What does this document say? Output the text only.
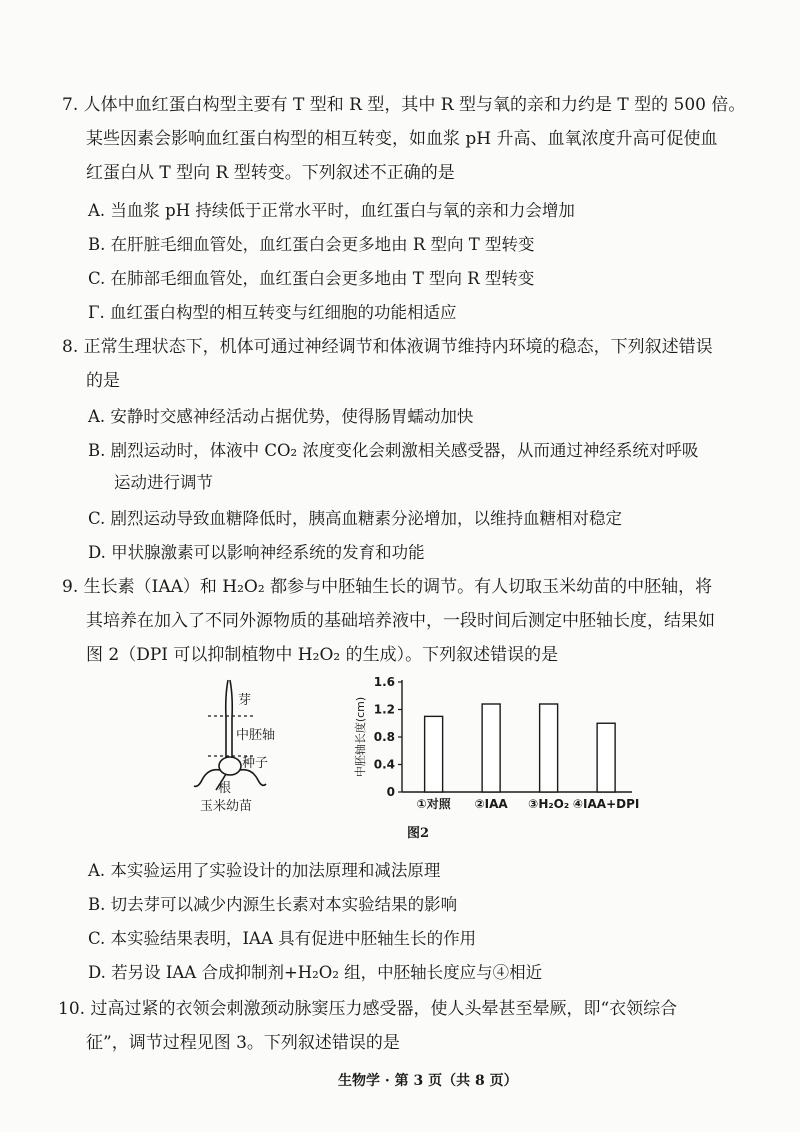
7. 人体中血红蛋白构型主要有 T 型和 R 型，其中 R 型与氧的亲和力约是 T 型的 500 倍。

某些因素会影响血红蛋白构型的相互转变，如血浆 pH 升高、血氧浓度升高可促使血

红蛋白从 T 型向 R 型转变。下列叙述不正确的是

A. 当血浆 pH 持续低于正常水平时，血红蛋白与氧的亲和力会增加

B. 在肝脏毛细血管处，血红蛋白会更多地由 R 型向 T 型转变

C. 在肺部毛细血管处，血红蛋白会更多地由 T 型向 R 型转变

Γ. 血红蛋白构型的相互转变与红细胞的功能相适应

8. 正常生理状态下，机体可通过神经调节和体液调节维持内环境的稳态，下列叙述错误

的是

A. 安静时交感神经活动占据优势，使得肠胃蠕动加快

B. 剧烈运动时，体液中 CO₂ 浓度变化会刺激相关感受器，从而通过神经系统对呼吸

运动进行调节

C. 剧烈运动导致血糖降低时，胰高血糖素分泌增加，以维持血糖相对稳定

D. 甲状腺激素可以影响神经系统的发育和功能

9. 生长素（IAA）和 H₂O₂ 都参与中胚轴生长的调节。有人切取玉米幼苗的中胚轴，将

其培养在加入了不同外源物质的基础培养液中，一段时间后测定中胚轴长度，结果如

图 2（DPI 可以抑制植物中 H₂O₂ 的生成）。下列叙述错误的是

芽
中胚轴
种子
根
玉米幼苗
中胚轴长度(cm)
0
0.4
0.8
1.2
1.6
①对照 ②IAA ③H₂O₂ ④IAA+DPI

图2

A. 本实验运用了实验设计的加法原理和减法原理

B. 切去芽可以减少内源生长素对本实验结果的影响

C. 本实验结果表明，IAA 具有促进中胚轴生长的作用

D. 若另设 IAA 合成抑制剂+H₂O₂ 组，中胚轴长度应与④相近

10. 过高过紧的衣领会刺激颈动脉窦压力感受器，使人头晕甚至晕厥，即“衣领综合

征”，调节过程见图 3。下列叙述错误的是

生物学 · 第 3 页（共 8 页）
